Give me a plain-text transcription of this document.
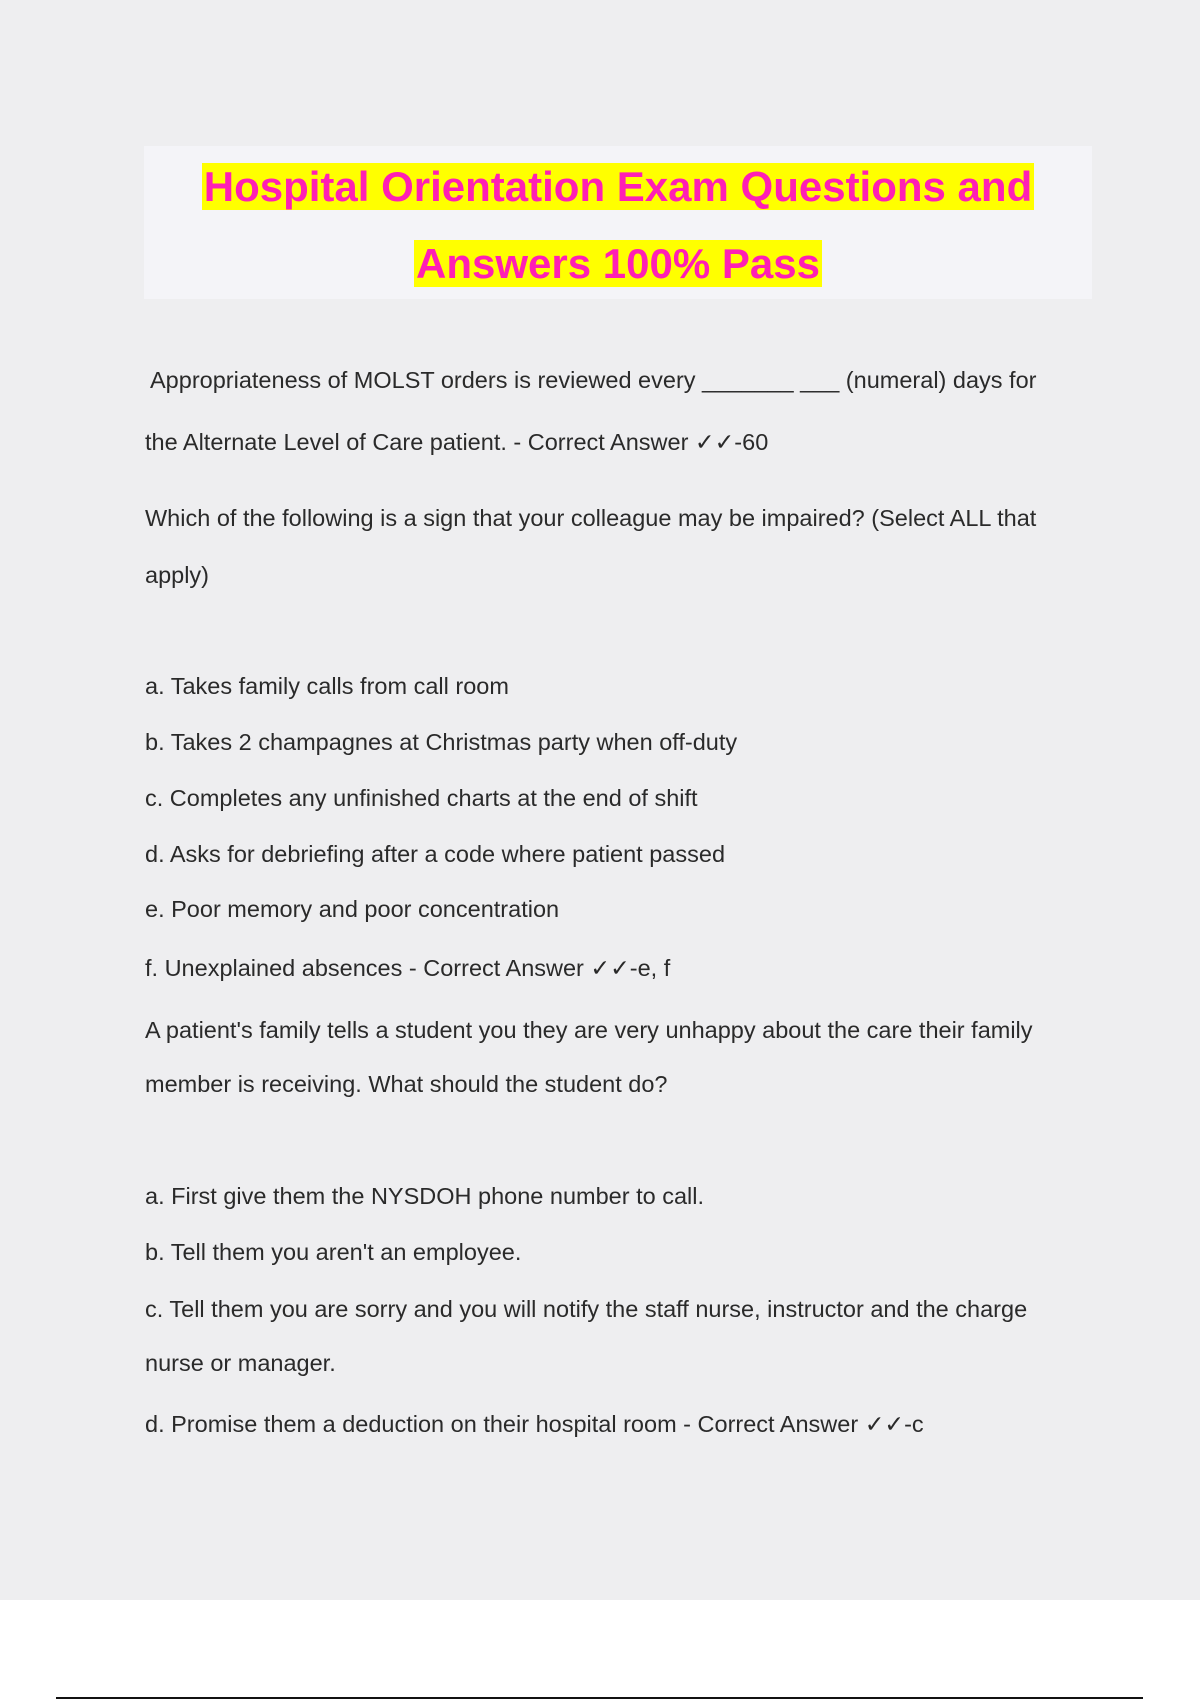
Hospital Orientation Exam Questions and
Answers 100% Pass
Appropriateness of MOLST orders is reviewed every _______ ___ (numeral) days for
the Alternate Level of Care patient. - Correct Answer ✓✓-60
Which of the following is a sign that your colleague may be impaired? (Select ALL that
apply)
a. Takes family calls from call room
b. Takes 2 champagnes at Christmas party when off-duty
c. Completes any unfinished charts at the end of shift
d. Asks for debriefing after a code where patient passed
e. Poor memory and poor concentration
f. Unexplained absences - Correct Answer ✓✓-e, f
A patient's family tells a student you they are very unhappy about the care their family
member is receiving. What should the student do?
a. First give them the NYSDOH phone number to call.
b. Tell them you aren't an employee.
c. Tell them you are sorry and you will notify the staff nurse, instructor and the charge
nurse or manager.
d. Promise them a deduction on their hospital room - Correct Answer ✓✓-c
